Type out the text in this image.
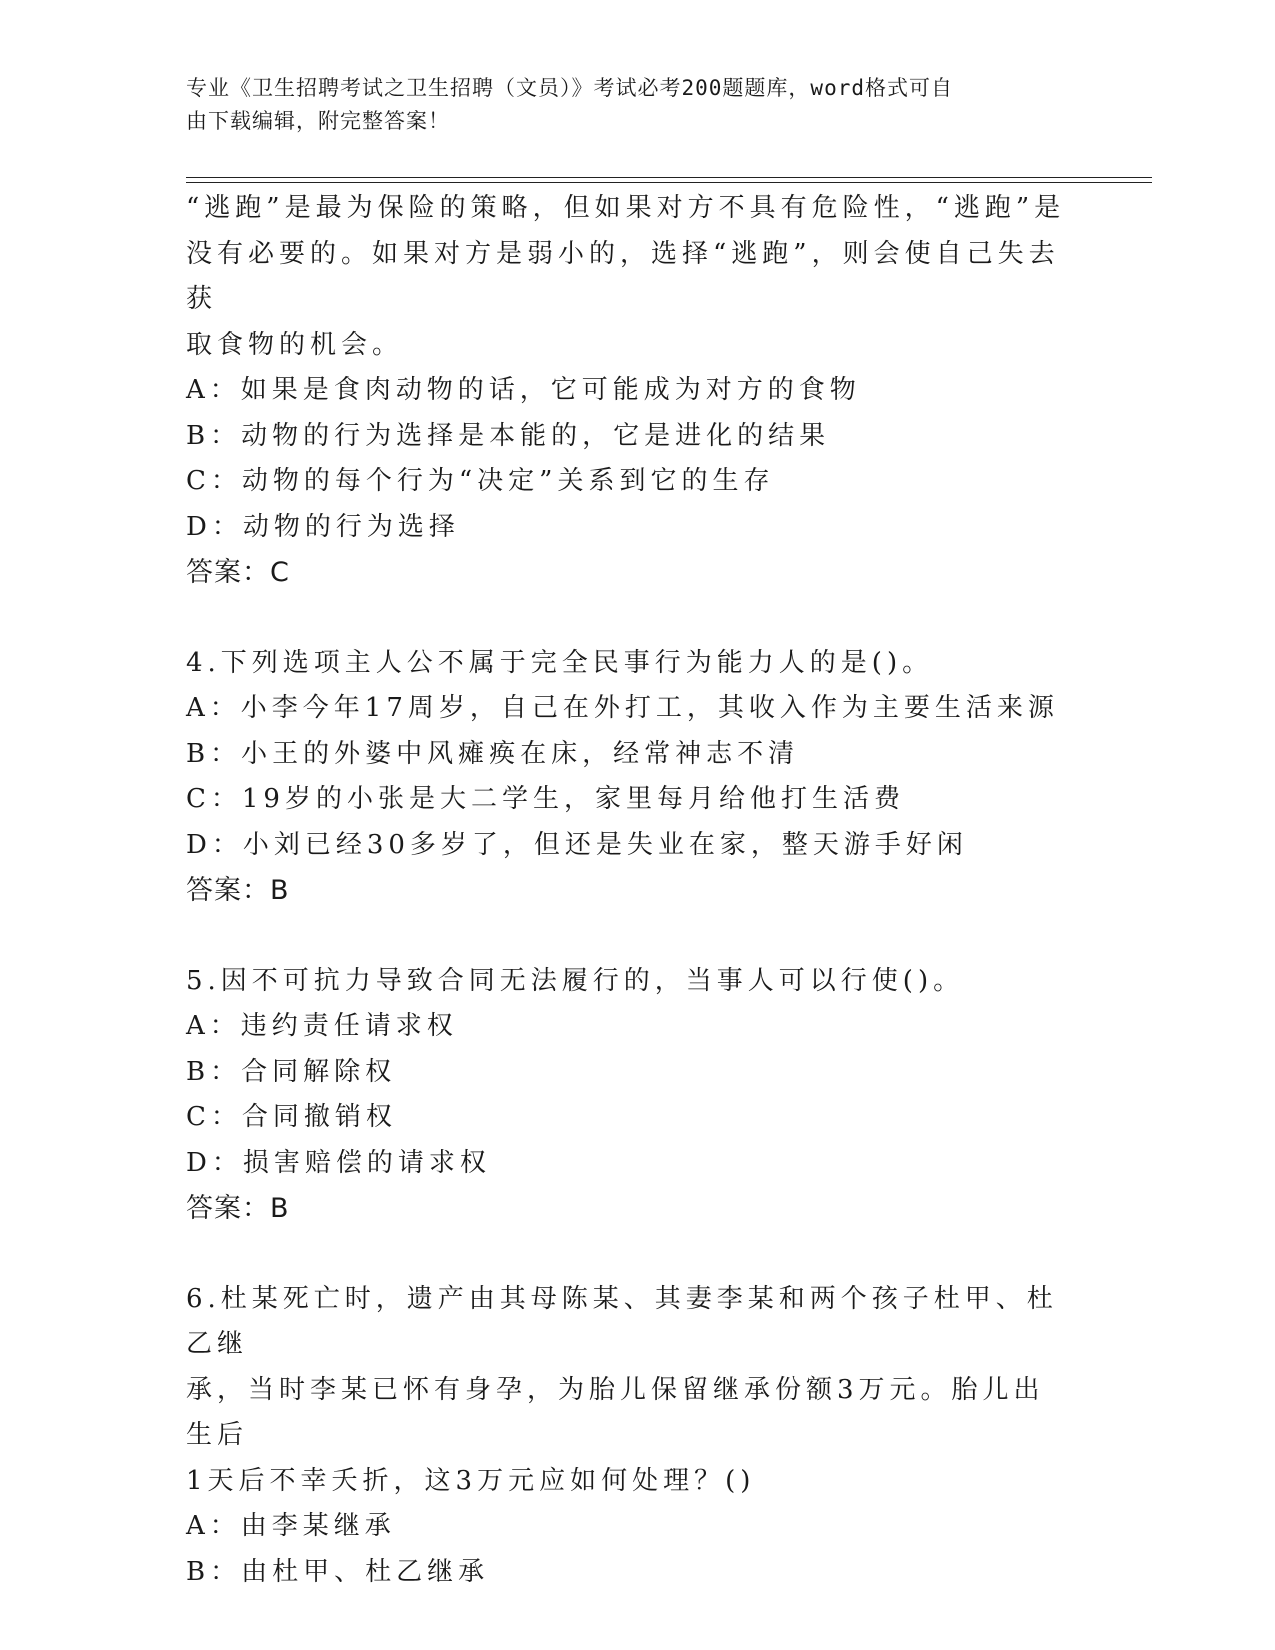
专业《卫生招聘考试之卫生招聘（文员）》考试必考200题题库，word格式可自
由下载编辑，附完整答案！

“逃跑”是最为保险的策略，但如果对方不具有危险性，“逃跑”是

没有必要的。如果对方是弱小的，选择“逃跑”，则会使自己失去获

取食物的机会。

A：如果是食肉动物的话，它可能成为对方的食物

B：动物的行为选择是本能的，它是进化的结果

C：动物的每个行为“决定”关系到它的生存

D：动物的行为选择

答案：C

4.下列选项主人公不属于完全民事行为能力人的是()。

A：小李今年17周岁，自己在外打工，其收入作为主要生活来源

B：小王的外婆中风瘫痪在床，经常神志不清

C：19岁的小张是大二学生，家里每月给他打生活费

D：小刘已经30多岁了，但还是失业在家，整天游手好闲

答案：B

5.因不可抗力导致合同无法履行的，当事人可以行使()。

A：违约责任请求权

B：合同解除权

C：合同撤销权

D：损害赔偿的请求权

答案：B

6.杜某死亡时，遗产由其母陈某、其妻李某和两个孩子杜甲、杜乙继

承，当时李某已怀有身孕，为胎儿保留继承份额3万元。胎儿出生后

1天后不幸夭折，这3万元应如何处理？()

A：由李某继承

B：由杜甲、杜乙继承
